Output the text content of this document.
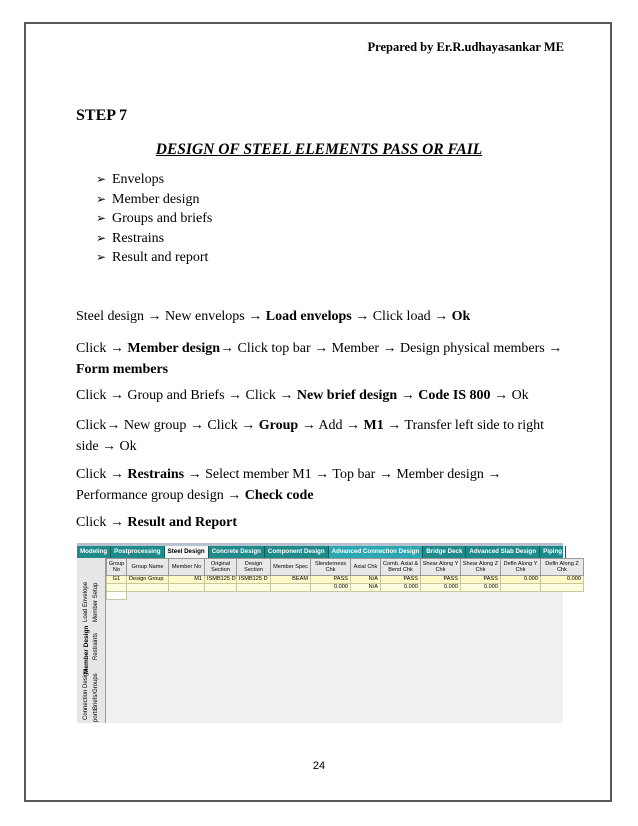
Prepared by Er.R.udhayasankar ME
STEP 7
DESIGN OF STEEL ELEMENTS PASS OR FAIL
➢ Envelops
➢ Member design
➢ Groups and briefs
➢ Restrains
➢ Result and report
Steel design → New envelops → Load envelops → Click load → Ok
Click → Member design→ Click top bar → Member → Design physical members → Form members
Click → Group and Briefs → Click → New brief design → Code IS 800 → Ok
Click→ New group → Click → Group → Add → M1 → Transfer left side to right side → Ok
Click → Restrains → Select member M1 → Top bar → Member design → Performance group design → Check code
Click → Result and Report
Modeling	Postprocessing	Steel Design	Concrete Design	Component Design	Advanced Connection Design	Bridge Deck	Advanced Slab Design	Piping
Load Envelope Member Setup
Member Design Restraints
Briefs/Groups
Connection Design ports
Group No	Group Name	Member No	Original Section	Design Section	Member Spec	Slenderness Chk	Axial Chk	Comb. Axial & Bend Chk	Shear Along Y Chk	Shear Along Z Chk	Defln Along Y Chk	Defln Along Z Chk
G1	Design Group	M1	ISMB125 D	ISMB125 D	BEAM	PASS	N/A	PASS	PASS	PASS	0.000	0.000
						0.000	N/A	0.000	0.000	0.000		

24
